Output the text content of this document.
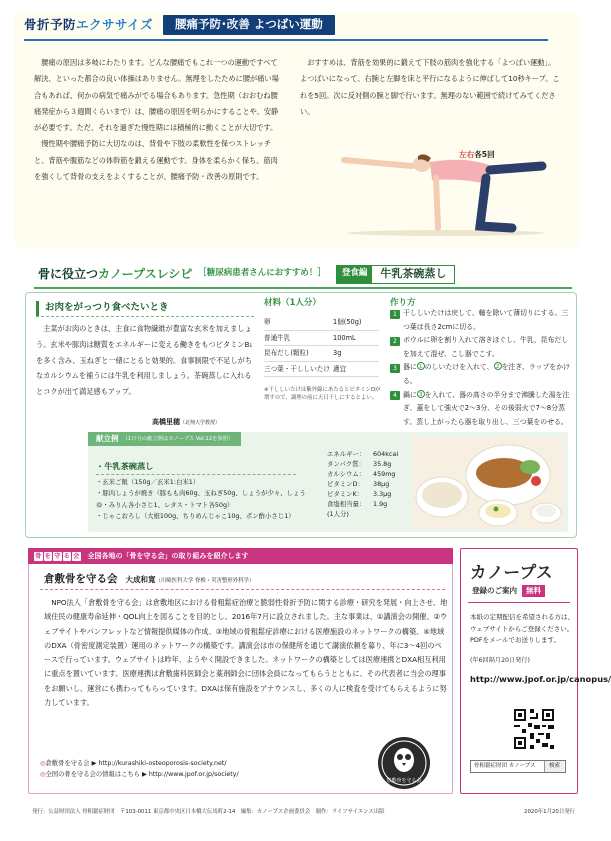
骨折予防エクササイズ	腰痛予防･改善 よつばい運動

腰痛の原因は多岐にわたります。どんな腰痛でもこれ一つの運動ですべて解決、といった都合の良い体操はありません。無理をしたために腰が痛い場合もあれば、何かの病気で痛みがでる場合もあります。急性期（おおむね腰痛発症から３週間くらいまで）は、腰痛の原因を明らかにすることや、安静が必要です。ただ、それを過ぎた慢性期には積極的に動くことが大切です。

慢性期や腰痛予防に大切なのは、背骨や下肢の柔軟性を保つストレッチと、背筋や腹筋などの体幹筋を鍛える運動です。身体を柔らかく保ち、筋肉を強くして背骨の支えをよくすることが、腰痛予防・改善の原則です。

おすすめは、背筋を効果的に鍛えて下肢の筋肉を強化する「よつばい運動」。よつばいになって、右腕と左脚を床と平行になるように伸ばして10秒キープ。これを5回。次に反対側の腕と脚で行います。無理のない範囲で続けてみてください。

左右各5回
骨に役立つカノープスレシピ ［糖尿病患者さんにおすすめ！］	登食編	牛乳茶碗蒸し
お肉をがっつり食べたいとき

主菜がお肉のときは、主食に食物繊維が豊富な玄米を加えましょう。玄米や豚肉は糖質をエネルギーに変える働きをもつビタミンB₁を多く含み、玉ねぎと一緒にとると効果的。食事制限で不足しがちなカルシウムを補うには牛乳を利用しましょう。茶碗蒸しに入れるとコクが出て満足感もアップ。

高橋里穂（北翔大学教授）
材料（1人分）
卵	1個(50g)
普通牛乳	100mL
昆布だし(顆粒)	3g
三つ葉・干ししいたけ 適宜
※干ししいたけは紫外線にあたるとビタミンDが増すので、調理の前に天日干しにするとよい。
作り方
1 干ししいたけは戻して、軸を除いて薄切りにする。三つ葉は長さ2cmに切る。
2 ボウルに卵を割り入れて溶きほぐし、牛乳、昆布だしを加えて混ぜ、こし器でこす。
3 器に 1 のしいたけを入れて、 2 を注ぎ、ラップをかける。
4 鍋に 3 を入れて、器の高さの半分まで沸騰した湯を注ぎ、蓋をして強火で2～3分、その後弱火で7～8分蒸す。蒸し上がったら器を取り出し、三つ葉をのせる。
献立例 （1日分の献立例はカノープス Vol.12を参照）
・牛乳茶碗蒸し
・玄米ご飯（150g／玄米1:白米1）
・豚肉しょうが焼き（豚もも肉60g、玉ねぎ50g、しょうが少々、しょうゆ・みりん各小さじ1、レタス・トマト各50g）
・じゃこおろし（大根100g、ちりめんじゃこ10g、ポン酢小さじ1）
エネルギー： 604kcal
タンパク質： 35.8g
カルシウム： 459mg
ビタミンD： 38μg
ビタミンK： 3.3μg
食塩相当量： 1.9g
(1人分)
骨 を 守 る 会 全国各地の「骨を守る会」の取り組みを紹介します
倉敷骨を守る会 大成和寛（川崎医科大学 脊椎・災害整形外科学）

NPO法人「倉敷骨を守る会」は倉敷地区における骨粗鬆症治療と脆弱性骨折予防に関する診療・研究を発展・向上させ、地域住民の健康寿命延伸・QOL向上を図ることを目的とし、2016年7月に設立されました。主な事業は、①講演会の開催、②ウェブサイトやパンフレットなど情報提供媒体の作成、③地域の骨粗鬆症診療における医療施設のネットワークの構築、④地域のDXA（骨密度測定装置）運用のネットワークの構築です。講演会は市の保健所を通じて講演依頼を募り、年に3～4回のペースで行っています。ウェブサイトは昨年、ようやく開設できました。ネットワークの構築としては医療連携とDXA相互利用に重点を置いています。医療連携は倉敷歯科医師会と薬剤師会に団体会員になってもらうとともに、その代表者に当会の理事をお願いし、運営にも携わってもらっています。DXAは保有施設をアナウンスし、多くの人に検査を受けてもらえるように努力しています。

◎倉敷骨を守る会 ▶ http://kurashiki-osteoporosis-society.net/
◎全国の骨を守る会の情報はこちら ▶ http://www.jpof.or.jp/society/
倉敷骨を守る会
カノープス
登録のご案内	無料
本紙の定期配信を希望される方は、ウェブサイトからご登録ください。PDFをメールでお送りします。
(年6回隔月20日発行)
http://www.jpof.or.jp/canopus/
骨粗鬆症財団 カノープス	検索
発行：公益財団法人 骨粗鬆症財団　〒103-0011 東京都中央区日本橋大伝馬町2-14　編集：カノープス企画委員会　制作：ライフサイエンス出版	2020年1月20日発行
